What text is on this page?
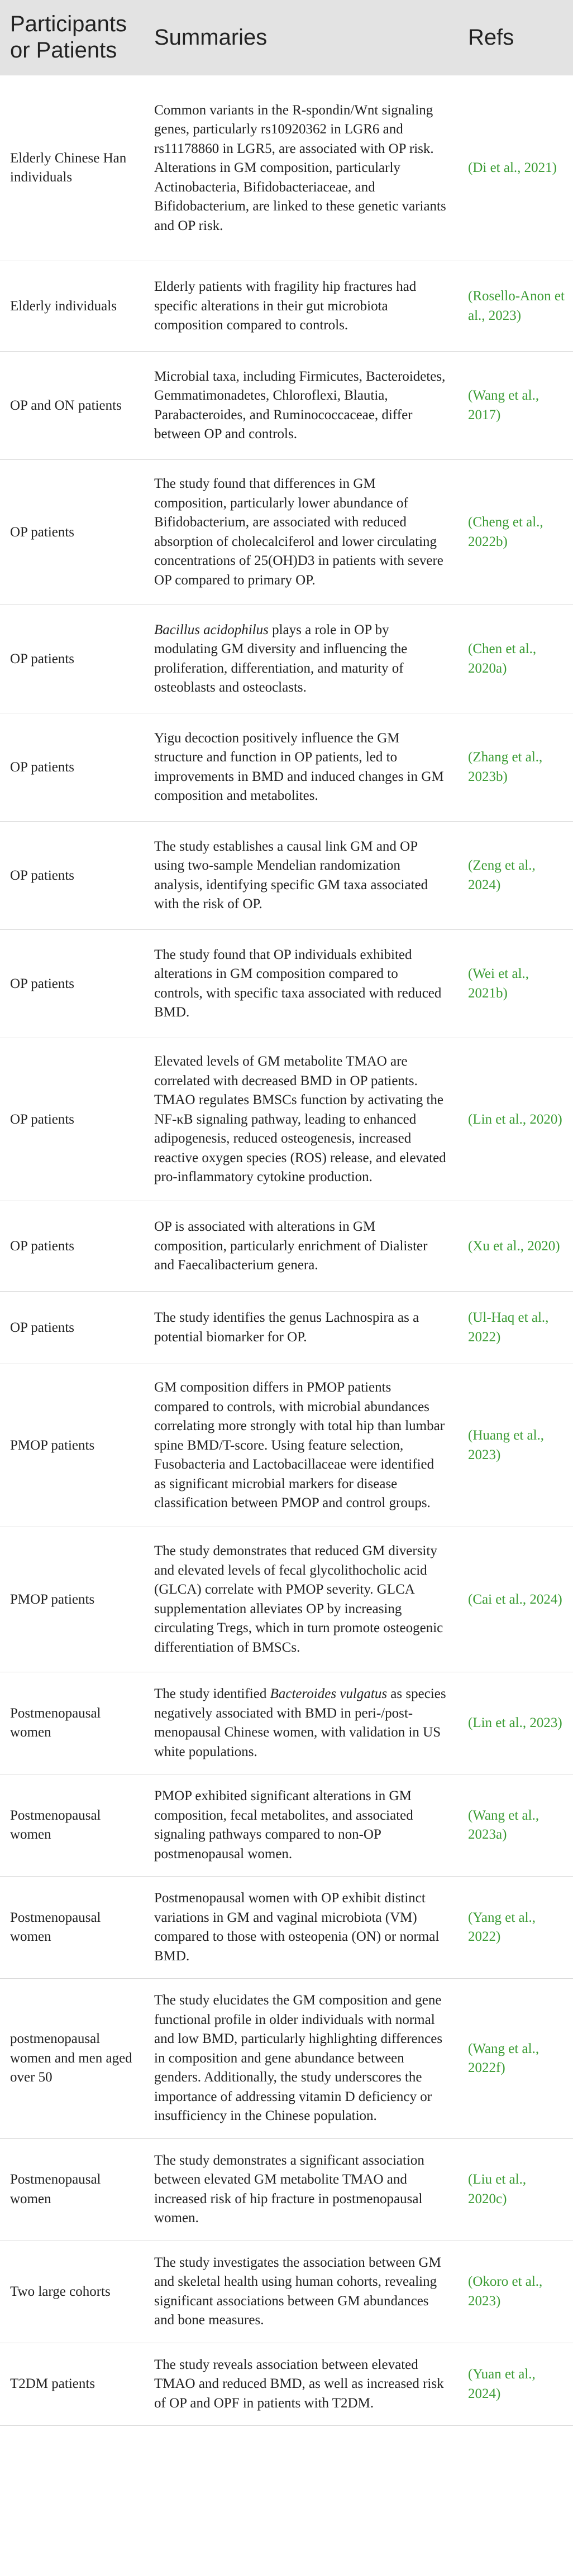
Participants or Patients	Summaries	Refs
Elderly Chinese Han individuals	Common variants in the R-spondin/Wnt signaling genes, particularly rs10920362 in LGR6 and rs11178860 in LGR5, are associated with OP risk. Alterations in GM composition, particularly Actinobacteria, Bifidobacteriaceae, and Bifidobacterium, are linked to these genetic variants and OP risk.	(Di et al., 2021)
Elderly individuals	Elderly patients with fragility hip fractures had specific alterations in their gut microbiota composition compared to controls.	(Rosello-Anon et al., 2023)
OP and ON patients	Microbial taxa, including Firmicutes, Bacteroidetes, Gemmatimonadetes, Chloroflexi, Blautia, Parabacteroides, and Ruminococcaceae, differ between OP and controls.	(Wang et al., 2017)
OP patients	The study found that differences in GM composition, particularly lower abundance of Bifidobacterium, are associated with reduced absorption of cholecalciferol and lower circulating concentrations of 25(OH)D3 in patients with severe OP compared to primary OP.	(Cheng et al., 2022b)
OP patients	Bacillus acidophilus plays a role in OP by modulating GM diversity and influencing the proliferation, differentiation, and maturity of osteoblasts and osteoclasts.	(Chen et al., 2020a)
OP patients	Yigu decoction positively influence the GM structure and function in OP patients, led to improvements in BMD and induced changes in GM composition and metabolites.	(Zhang et al., 2023b)
OP patients	The study establishes a causal link GM and OP using two-sample Mendelian randomization analysis, identifying specific GM taxa associated with the risk of OP.	(Zeng et al., 2024)
OP patients	The study found that OP individuals exhibited alterations in GM composition compared to controls, with specific taxa associated with reduced BMD.	(Wei et al., 2021b)
OP patients	Elevated levels of GM metabolite TMAO are correlated with decreased BMD in OP patients. TMAO regulates BMSCs function by activating the NF-κB signaling pathway, leading to enhanced adipogenesis, reduced osteogenesis, increased reactive oxygen species (ROS) release, and elevated pro-inflammatory cytokine production.	(Lin et al., 2020)
OP patients	OP is associated with alterations in GM composition, particularly enrichment of Dialister and Faecalibacterium genera.	(Xu et al., 2020)
OP patients	The study identifies the genus Lachnospira as a potential biomarker for OP.	(Ul-Haq et al., 2022)
PMOP patients	GM composition differs in PMOP patients compared to controls, with microbial abundances correlating more strongly with total hip than lumbar spine BMD/T-score. Using feature selection, Fusobacteria and Lactobacillaceae were identified as significant microbial markers for disease classification between PMOP and control groups.	(Huang et al., 2023)
PMOP patients	The study demonstrates that reduced GM diversity and elevated levels of fecal glycolithocholic acid (GLCA) correlate with PMOP severity. GLCA supplementation alleviates OP by increasing circulating Tregs, which in turn promote osteogenic differentiation of BMSCs.	(Cai et al., 2024)
Postmenopausal women	The study identified Bacteroides vulgatus as species negatively associated with BMD in peri-/post-menopausal Chinese women, with validation in US white populations.	(Lin et al., 2023)
Postmenopausal women	PMOP exhibited significant alterations in GM composition, fecal metabolites, and associated signaling pathways compared to non-OP postmenopausal women.	(Wang et al., 2023a)
Postmenopausal women	Postmenopausal women with OP exhibit distinct variations in GM and vaginal microbiota (VM) compared to those with osteopenia (ON) or normal BMD.	(Yang et al., 2022)
postmenopausal women and men aged over 50	The study elucidates the GM composition and gene functional profile in older individuals with normal and low BMD, particularly highlighting differences in composition and gene abundance between genders. Additionally, the study underscores the importance of addressing vitamin D deficiency or insufficiency in the Chinese population.	(Wang et al., 2022f)
Postmenopausal women	The study demonstrates a significant association between elevated GM metabolite TMAO and increased risk of hip fracture in postmenopausal women.	(Liu et al., 2020c)
Two large cohorts	The study investigates the association between GM and skeletal health using human cohorts, revealing significant associations between GM abundances and bone measures.	(Okoro et al., 2023)
T2DM patients	The study reveals association between elevated TMAO and reduced BMD, as well as increased risk of OP and OPF in patients with T2DM.	(Yuan et al., 2024)
